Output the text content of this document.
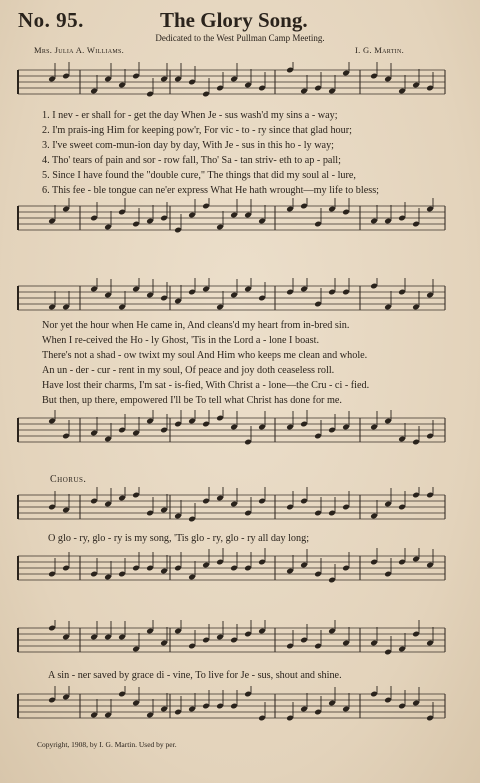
No. 95.	The Glory Song.
Dedicated to the West Pullman Camp Meeting.
Mrs. Julia A. Williams.	I. G. Martin.
1. I nev - er shall for - get the day When Je - sus wash'd my sins a - way;
2. I'm prais-ing Him for keeping pow'r, For vic - to - ry since that glad hour;
3. I've sweet com-mun-ion day by day, With Je - sus in this ho - ly way;
4. Tho' tears of pain and sor - row fall, Tho' Sa - tan striv- eth to ap - pall;
5. Since I have found the "double cure," The things that did my soul al - lure,
6. This fee - ble tongue can ne'er express What He hath wrought—my life to bless;
Nor yet the hour when He came in, And cleans'd my heart from in-bred sin.
When I re-ceived the Ho - ly Ghost, 'Tis in the Lord a - lone I boast.
There's not a shad - ow twixt my soul And Him who keeps me clean and whole.
An un - der - cur - rent in my soul, Of peace and joy doth ceaseless roll.
Have lost their charms, I'm sat - is-fied, With Christ a - lone—the Cru - ci - fied.
But then, up there, empowered I'll be To tell what Christ has done for me.
Chorus.
O glo - ry, glo - ry is my song, 'Tis glo - ry, glo - ry all day long;
A sin - ner saved by grace di - vine, To live for Je - sus, shout and shine.
Copyright, 1908, by I. G. Martin. Used by per.
